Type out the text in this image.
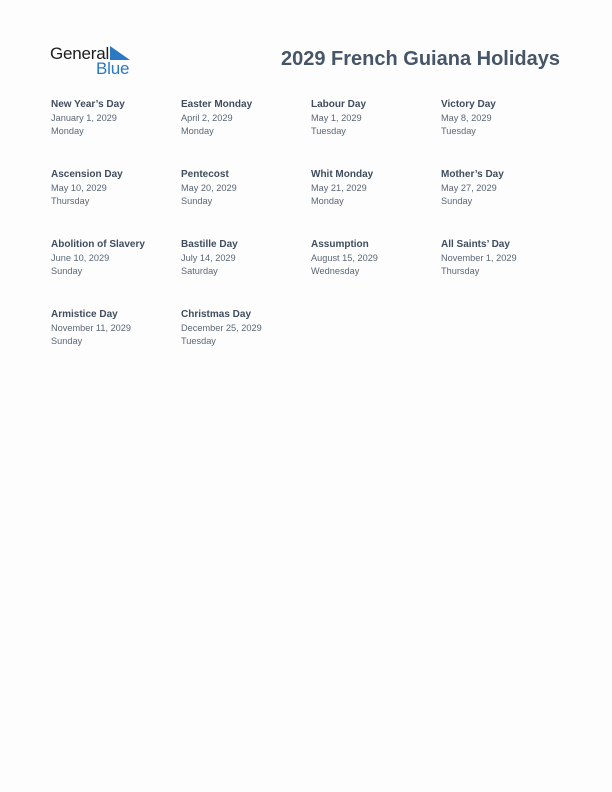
General
Blue	2029 French Guiana Holidays
New Year’s Day
January 1, 2029
Monday
Easter Monday
April 2, 2029
Monday
Labour Day
May 1, 2029
Tuesday
Victory Day
May 8, 2029
Tuesday
Ascension Day
May 10, 2029
Thursday
Pentecost
May 20, 2029
Sunday
Whit Monday
May 21, 2029
Monday
Mother’s Day
May 27, 2029
Sunday
Abolition of Slavery
June 10, 2029
Sunday
Bastille Day
July 14, 2029
Saturday
Assumption
August 15, 2029
Wednesday
All Saints’ Day
November 1, 2029
Thursday
Armistice Day
November 11, 2029
Sunday
Christmas Day
December 25, 2029
Tuesday
